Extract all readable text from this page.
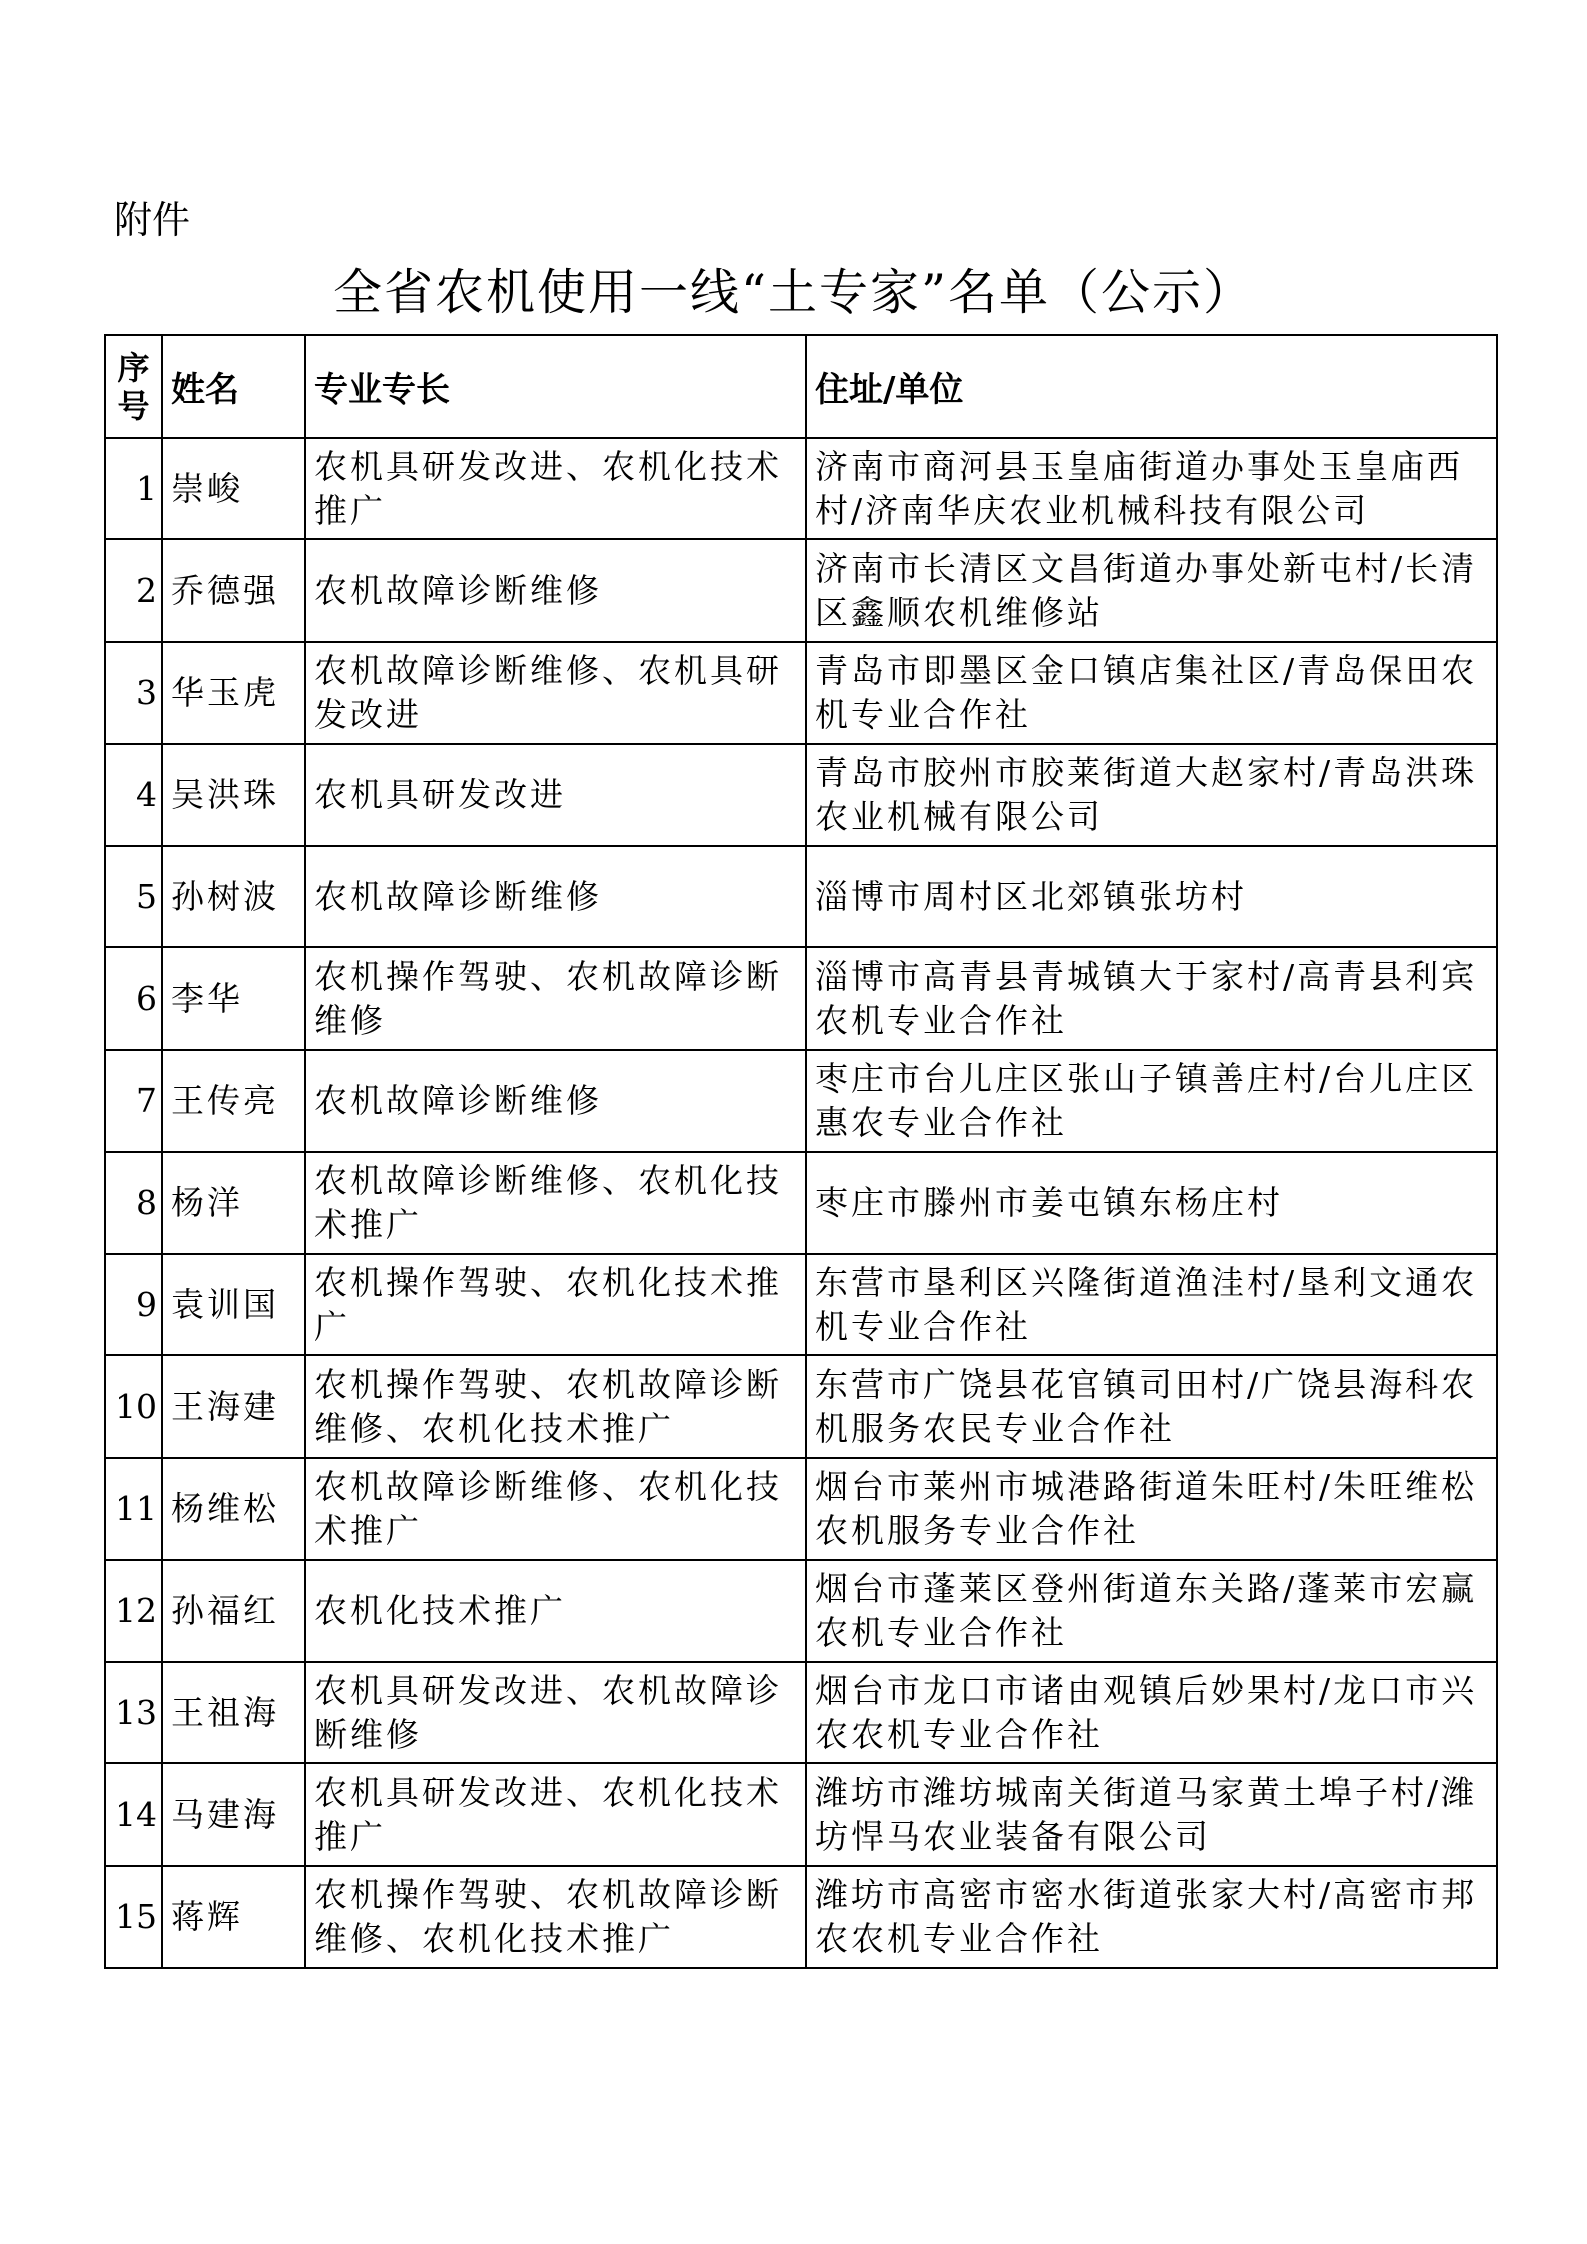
附件
全省农机使用一线“土专家”名单（公示）
序
号	姓名	专业专长	住址/单位
1	崇峻	农机具研发改进、农机化技术推广	济南市商河县玉皇庙街道办事处玉皇庙西村/济南华庆农业机械科技有限公司
2	乔德强	农机故障诊断维修	济南市长清区文昌街道办事处新屯村/长清区鑫顺农机维修站
3	华玉虎	农机故障诊断维修、农机具研发改进	青岛市即墨区金口镇店集社区/青岛保田农机专业合作社
4	吴洪珠	农机具研发改进	青岛市胶州市胶莱街道大赵家村/青岛洪珠农业机械有限公司
5	孙树波	农机故障诊断维修	淄博市周村区北郊镇张坊村
6	李华	农机操作驾驶、农机故障诊断维修	淄博市高青县青城镇大于家村/高青县利宾农机专业合作社
7	王传亮	农机故障诊断维修	枣庄市台儿庄区张山子镇善庄村/台儿庄区惠农专业合作社
8	杨洋	农机故障诊断维修、农机化技术推广	枣庄市滕州市姜屯镇东杨庄村
9	袁训国	农机操作驾驶、农机化技术推广	东营市垦利区兴隆街道渔洼村/垦利文通农机专业合作社
10	王海建	农机操作驾驶、农机故障诊断维修、农机化技术推广	东营市广饶县花官镇司田村/广饶县海科农机服务农民专业合作社
11	杨维松	农机故障诊断维修、农机化技术推广	烟台市莱州市城港路街道朱旺村/朱旺维松农机服务专业合作社
12	孙福红	农机化技术推广	烟台市蓬莱区登州街道东关路/蓬莱市宏赢农机专业合作社
13	王祖海	农机具研发改进、农机故障诊断维修	烟台市龙口市诸由观镇后妙果村/龙口市兴农农机专业合作社
14	马建海	农机具研发改进、农机化技术推广	潍坊市潍坊城南关街道马家黄土埠子村/潍坊悍马农业装备有限公司
15	蒋辉	农机操作驾驶、农机故障诊断维修、农机化技术推广	潍坊市高密市密水街道张家大村/高密市邦农农机专业合作社
